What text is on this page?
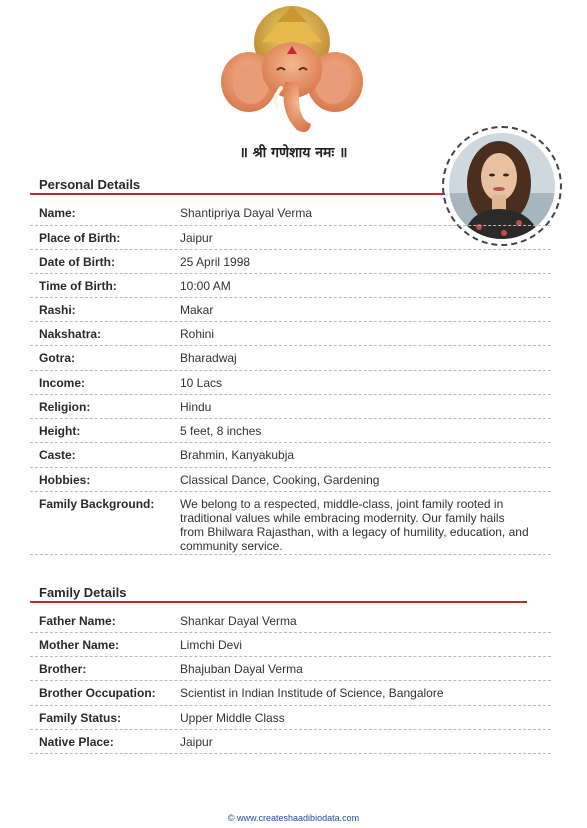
॥ श्री गणेशाय नमः ॥
Personal Details
Name:	Shantipriya Dayal Verma
Place of Birth:	Jaipur
Date of Birth:	25 April 1998
Time of Birth:	10:00 AM
Rashi:	Makar
Nakshatra:	Rohini
Gotra:	Bharadwaj
Income:	10 Lacs
Religion:	Hindu
Height:	5 feet, 8 inches
Caste:	Brahmin, Kanyakubja
Hobbies:	Classical Dance, Cooking, Gardening
Family Background:	We belong to a respected, middle-class, joint family rooted in traditional values while embracing modernity. Our family hails from Bhilwara Rajasthan, with a legacy of humility, education, and community service.
Family Details
Father Name:	Shankar Dayal Verma
Mother Name:	Limchi Devi
Brother:	Bhajuban Dayal Verma
Brother Occupation:	Scientist in Indian Institude of Science, Bangalore
Family Status:	Upper Middle Class
Native Place:	Jaipur
© www.createshaadibiodata.com
